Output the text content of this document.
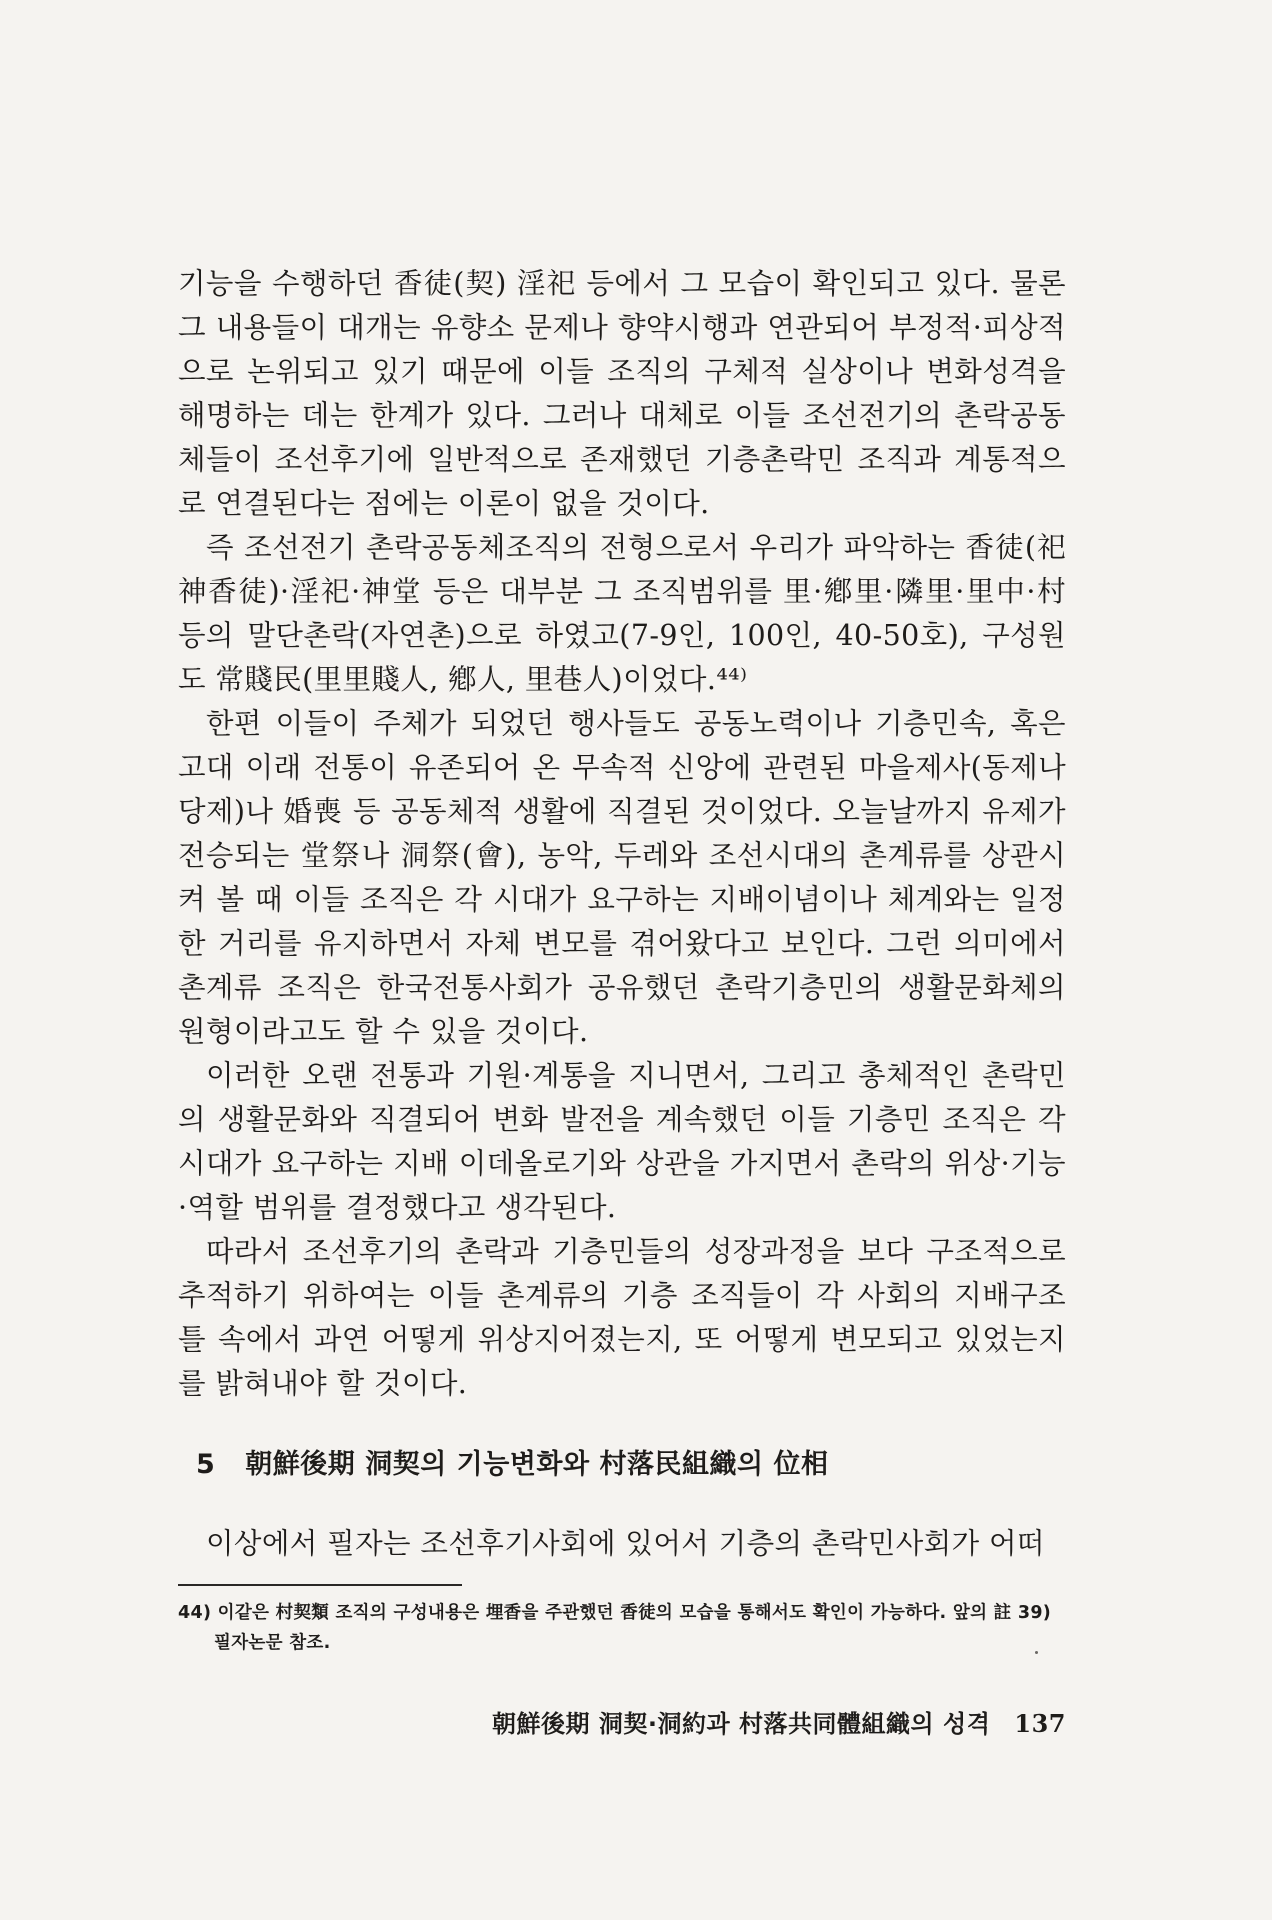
기능을 수행하던 香徒(契) 淫祀 등에서 그 모습이 확인되고 있다. 물론 그 내용들이 대개는 유향소 문제나 향약시행과 연관되어 부정적·피상적으로 논위되고 있기 때문에 이들 조직의 구체적 실상이나 변화성격을 해명하는 데는 한계가 있다. 그러나 대체로 이들 조선전기의 촌락공동체들이 조선후기에 일반적으로 존재했던 기층촌락민 조직과 계통적으로 연결된다는 점에는 이론이 없을 것이다.

즉 조선전기 촌락공동체조직의 전형으로서 우리가 파악하는 香徒(祀神香徒)·淫祀·神堂 등은 대부분 그 조직범위를 里·鄕里·隣里·里中·村 등의 말단촌락(자연촌)으로 하였고(7-9인, 100인, 40-50호), 구성원도 常賤民(里里賤人, 鄕人, 里巷人)이었다.⁴⁴⁾

한편 이들이 주체가 되었던 행사들도 공동노력이나 기층민속, 혹은 고대 이래 전통이 유존되어 온 무속적 신앙에 관련된 마을제사(동제나 당제)나 婚喪 등 공동체적 생활에 직결된 것이었다. 오늘날까지 유제가 전승되는 堂祭나 洞祭(會), 농악, 두레와 조선시대의 촌계류를 상관시켜 볼 때 이들 조직은 각 시대가 요구하는 지배이념이나 체계와는 일정한 거리를 유지하면서 자체 변모를 겪어왔다고 보인다. 그런 의미에서 촌계류 조직은 한국전통사회가 공유했던 촌락기층민의 생활문화체의 원형이라고도 할 수 있을 것이다.

이러한 오랜 전통과 기원·계통을 지니면서, 그리고 총체적인 촌락민의 생활문화와 직결되어 변화 발전을 계속했던 이들 기층민 조직은 각 시대가 요구하는 지배 이데올로기와 상관을 가지면서 촌락의 위상·기능·역할 범위를 결정했다고 생각된다.

따라서 조선후기의 촌락과 기층민들의 성장과정을 보다 구조적으로 추적하기 위하여는 이들 촌계류의 기층 조직들이 각 사회의 지배구조 틀 속에서 과연 어떻게 위상지어졌는지, 또 어떻게 변모되고 있었는지를 밝혀내야 할 것이다.

5 朝鮮後期 洞契의 기능변화와 村落民組織의 位相

이상에서 필자는 조선후기사회에 있어서 기층의 촌락민사회가 어떠

44) 이같은 村契類 조직의 구성내용은 埋香을 주관했던 香徒의 모습을 통해서도 확인이 가능하다. 앞의 註 39) 필자논문 참조.

朝鮮後期 洞契·洞約과 村落共同體組織의 성격 137
